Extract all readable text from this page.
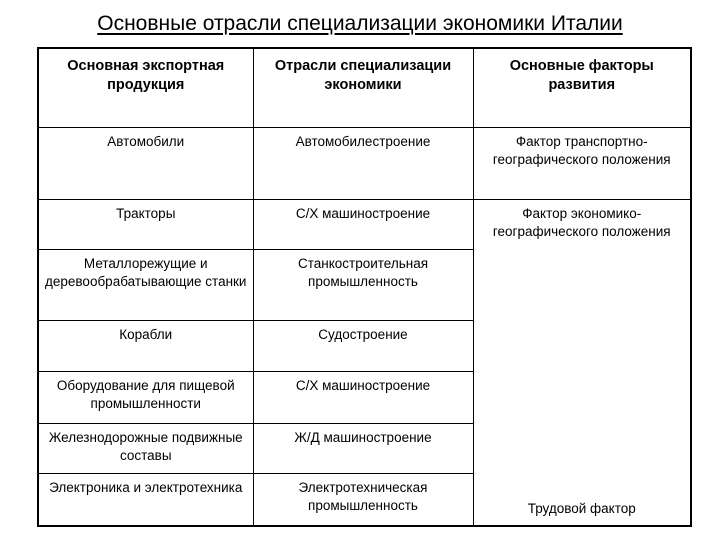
Основные отрасли специализации экономики Италии
Основная экспортная продукция	Отрасли специализации экономики	Основные факторы развития
Автомобили	Автомобилестроение	Фактор транспортно-географического положения
Тракторы	С/Х машиностроение	Фактор экономико-географического положения
Металлорежущие и деревообрабатывающие станки	Станкостроительная промышленность	
Корабли	Судостроение	
Оборудование для пищевой промышленности	С/Х машиностроение	
Железнодорожные подвижные составы	Ж/Д машиностроение	
Электроника и электротехника	Электротехническая промышленность	Трудовой фактор
